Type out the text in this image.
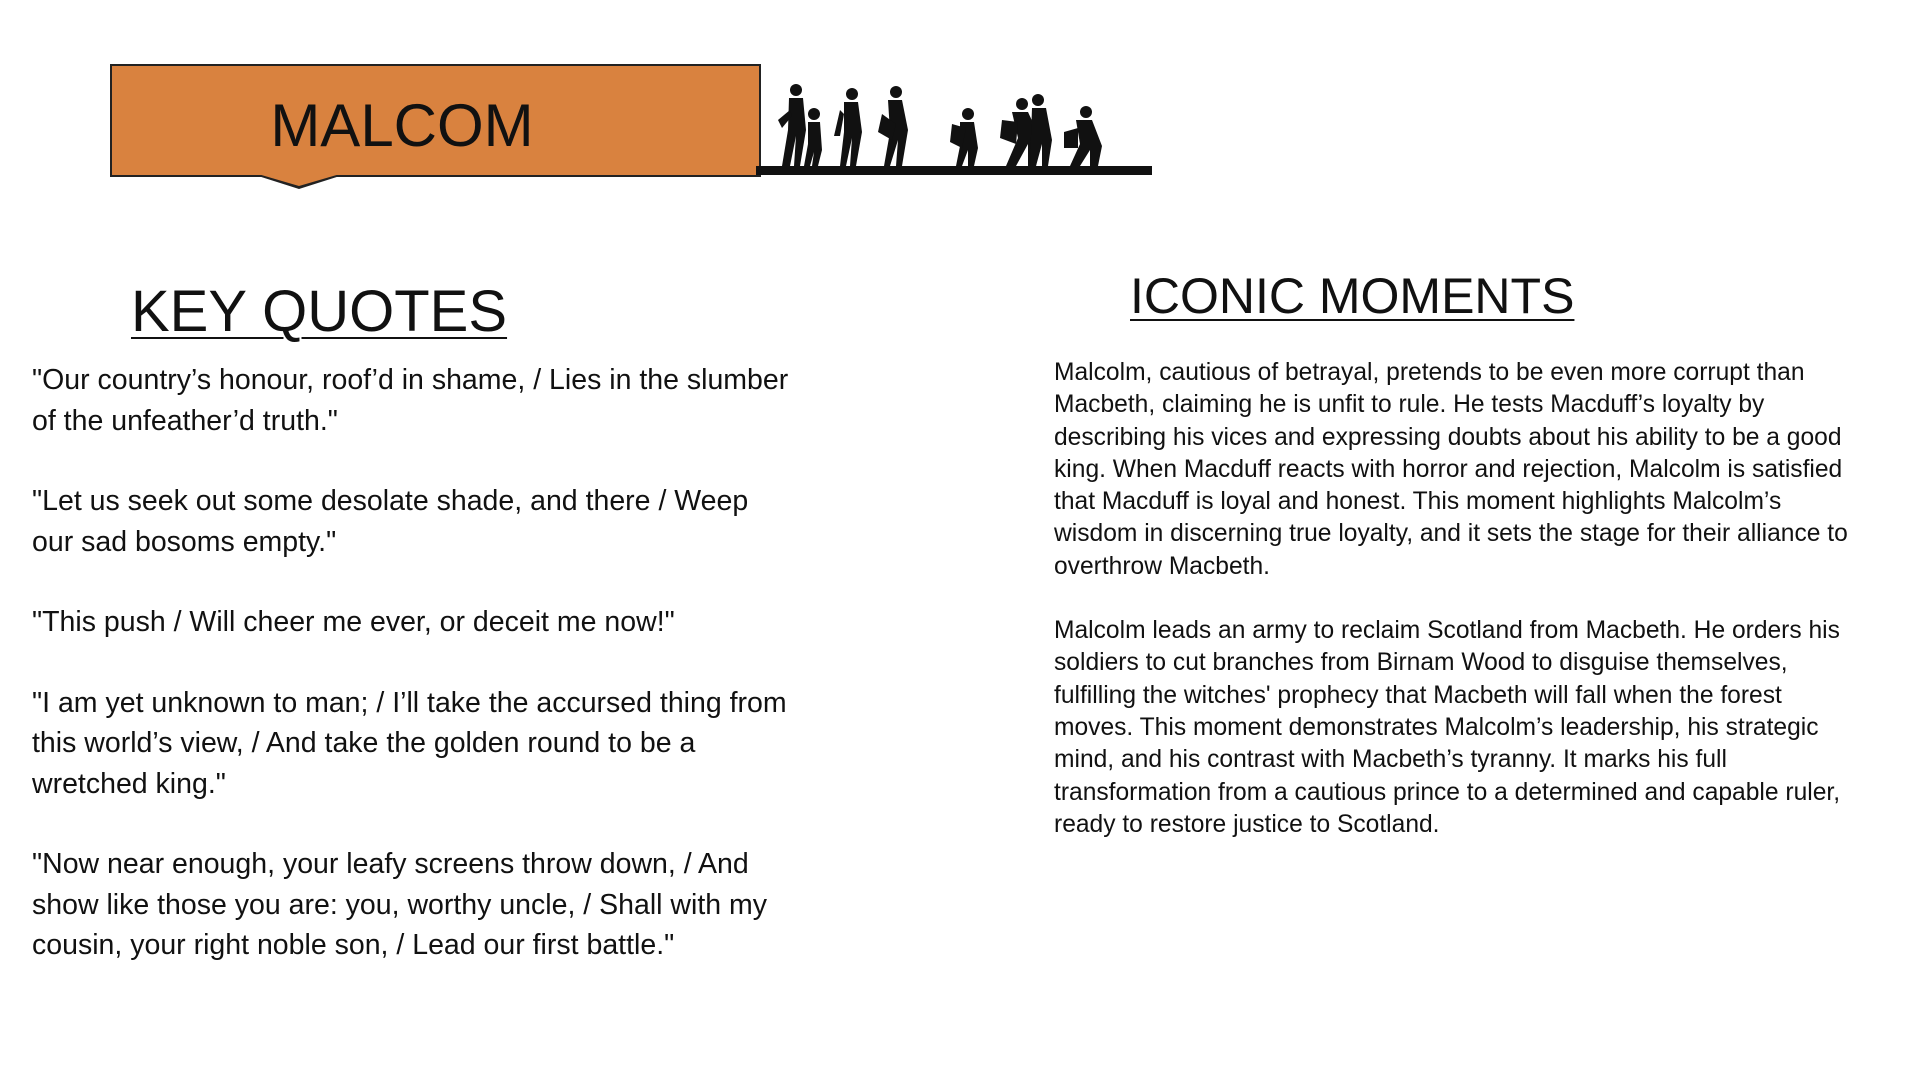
MALCOM
KEY QUOTES

"Our country’s honour, roof’d in shame, / Lies in the slumber of the unfeather’d truth."

"Let us seek out some desolate shade, and there / Weep our sad bosoms empty."

"This push / Will cheer me ever, or deceit me now!"

"I am yet unknown to man; / I’ll take the accursed thing from this world’s view, / And take the golden round to be a wretched king."

"Now near enough, your leafy screens throw down, / And show like those you are: you, worthy uncle, / Shall with my cousin, your right noble son, / Lead our first battle."

ICONIC MOMENTS

Malcolm, cautious of betrayal, pretends to be even more corrupt than Macbeth, claiming he is unfit to rule. He tests Macduff’s loyalty by describing his vices and expressing doubts about his ability to be a good king. When Macduff reacts with horror and rejection, Malcolm is satisfied that Macduff is loyal and honest. This moment highlights Malcolm’s wisdom in discerning true loyalty, and it sets the stage for their alliance to overthrow Macbeth.

Malcolm leads an army to reclaim Scotland from Macbeth. He orders his soldiers to cut branches from Birnam Wood to disguise themselves, fulfilling the witches' prophecy that Macbeth will fall when the forest moves. This moment demonstrates Malcolm’s leadership, his strategic mind, and his contrast with Macbeth’s tyranny. It marks his full transformation from a cautious prince to a determined and capable ruler, ready to restore justice to Scotland.
